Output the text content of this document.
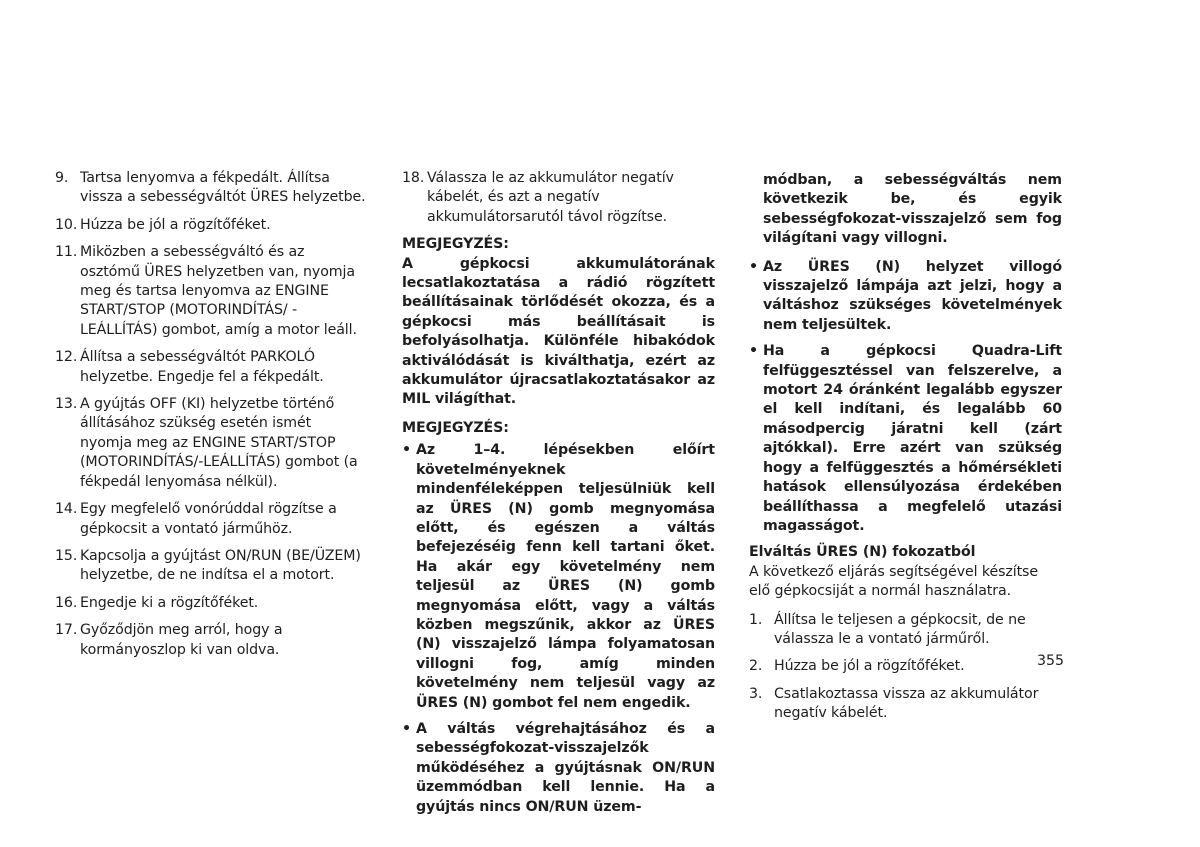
9. Tartsa lenyomva a fékpedált. Állítsa vissza a sebességváltót ÜRES helyzetbe.
10. Húzza be jól a rögzítőféket.
11. Miközben a sebességváltó és az osztómű ÜRES helyzetben van, nyomja meg és tartsa lenyomva az ENGINE START/STOP (MOTORINDÍTÁS/ -LEÁLLÍTÁS) gombot, amíg a motor leáll.
12. Állítsa a sebességváltót PARKOLÓ helyzetbe. Engedje fel a fékpedált.
13. A gyújtás OFF (KI) helyzetbe történő állításához szükség esetén ismét nyomja meg az ENGINE START/STOP (MOTORINDÍTÁS/-LEÁLLÍTÁS) gombot (a fékpedál lenyomása nélkül).
14. Egy megfelelő vonórúddal rögzítse a gépkocsit a vontató járműhöz.
15. Kapcsolja a gyújtást ON/RUN (BE/ÜZEM) helyzetbe, de ne indítsa el a motort.
16. Engedje ki a rögzítőféket.
17. Győződjön meg arról, hogy a kormányoszlop ki van oldva.
18. Válassza le az akkumulátor negatív kábelét, és azt a negatív akkumulátorsarutól távol rögzítse.
MEGJEGYZÉS:
A gépkocsi akkumulátorának lecsatlakoztatása a rádió rögzített beállításainak törlődését okozza, és a gépkocsi más beállításait is befolyásolhatja. Különféle hibakódok aktiválódását is kiválthatja, ezért az akkumulátor újracsatlakoztatásakor az MIL világíthat.
MEGJEGYZÉS:
• Az 1–4. lépésekben előírt követelményeknek mindenféleképpen teljesülniük kell az ÜRES (N) gomb megnyomása előtt, és egészen a váltás befejezéséig fenn kell tartani őket. Ha akár egy követelmény nem teljesül az ÜRES (N) gomb megnyomása előtt, vagy a váltás közben megszűnik, akkor az ÜRES (N) visszajelző lámpa folyamatosan villogni fog, amíg minden követelmény nem teljesül vagy az ÜRES (N) gombot fel nem engedik.
• A váltás végrehajtásához és a sebességfokozat-visszajelzők működéséhez a gyújtásnak ON/RUN üzemmódban kell lennie. Ha a gyújtás nincs ON/RUN üzem-
módban, a sebességváltás nem következik be, és egyik sebességfokozat-visszajelző sem fog világítani vagy villogni.
• Az ÜRES (N) helyzet villogó visszajelző lámpája azt jelzi, hogy a váltáshoz szükséges követelmények nem teljesültek.
• Ha a gépkocsi Quadra-Lift felfüggesztéssel van felszerelve, a motort 24 óránként legalább egyszer el kell indítani, és legalább 60 másodpercig járatni kell (zárt ajtókkal). Erre azért van szükség hogy a felfüggesztés a hőmérsékleti hatások ellensúlyozása érdekében beállíthassa a megfelelő utazási magasságot.
Elváltás ÜRES (N) fokozatból
A következő eljárás segítségével készítse elő gépkocsiját a normál használatra.
1. Állítsa le teljesen a gépkocsit, de ne válassza le a vontató járműről.
2. Húzza be jól a rögzítőféket.
3. Csatlakoztassa vissza az akkumulátor negatív kábelét.
355
